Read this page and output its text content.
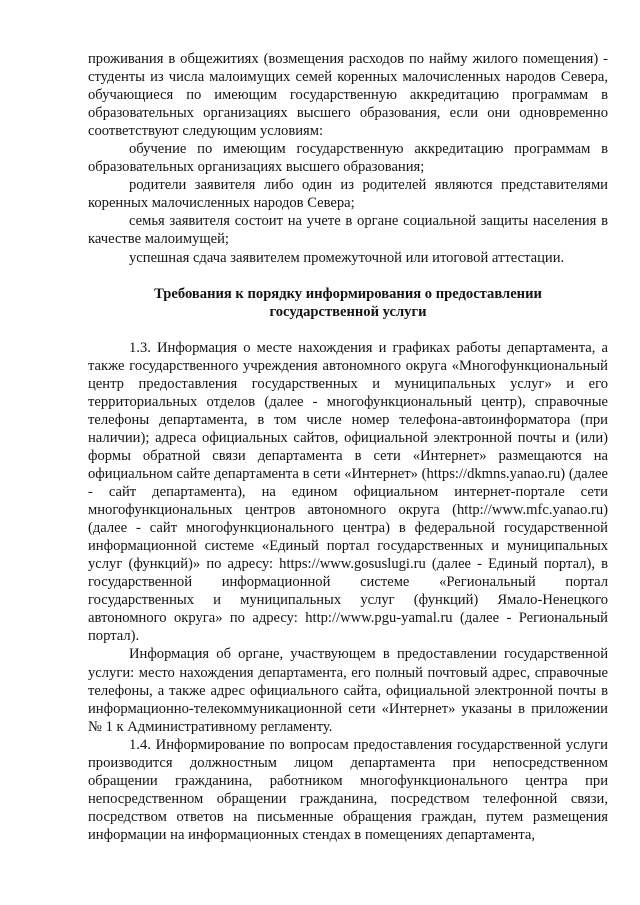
проживания в общежитиях (возмещения расходов по найму жилого помещения) - студенты из числа малоимущих семей коренных малочисленных народов Севера, обучающиеся по имеющим государственную аккредитацию программам в образовательных организациях высшего образования, если они одновременно соответствуют следующим условиям:

обучение по имеющим государственную аккредитацию программам в образовательных организациях высшего образования;

родители заявителя либо один из родителей являются представителями коренных малочисленных народов Севера;

семья заявителя состоит на учете в органе социальной защиты населения в качестве малоимущей;

успешная сдача заявителем промежуточной или итоговой аттестации.

Требования к порядку информирования о предоставлении
государственной услуги

1.3. Информация о месте нахождения и графиках работы департамента, а также государственного учреждения автономного округа «Многофункциональный центр предоставления государственных и муниципальных услуг» и его территориальных отделов (далее - многофункциональный центр), справочные телефоны департамента, в том числе номер телефона-автоинформатора (при наличии); адреса официальных сайтов, официальной электронной почты и (или) формы обратной связи департамента в сети «Интернет» размещаются на официальном сайте департамента в сети «Интернет» (https://dkmns.yanao.ru) (далее - сайт департамента), на едином официальном интернет-портале сети многофункциональных центров автономного округа (http://www.mfc.yanao.ru) (далее - сайт многофункционального центра) в федеральной государственной информационной системе «Единый портал государственных и муниципальных услуг (функций)» по адресу: https://www.gosuslugi.ru (далее - Единый портал), в государственной информационной системе «Региональный портал государственных и муниципальных услуг (функций) Ямало-Ненецкого автономного округа» по адресу: http://www.pgu-yamal.ru (далее - Региональный портал).

Информация об органе, участвующем в предоставлении государственной услуги: место нахождения департамента, его полный почтовый адрес, справочные телефоны, а также адрес официального сайта, официальной электронной почты в информационно-телекоммуникационной сети «Интернет» указаны в приложении № 1 к Административному регламенту.

1.4. Информирование по вопросам предоставления государственной услуги производится должностным лицом департамента при непосредственном обращении гражданина, работником многофункционального центра при непосредственном обращении гражданина, посредством телефонной связи, посредством ответов на письменные обращения граждан, путем размещения информации на информационных стендах в помещениях департамента,
